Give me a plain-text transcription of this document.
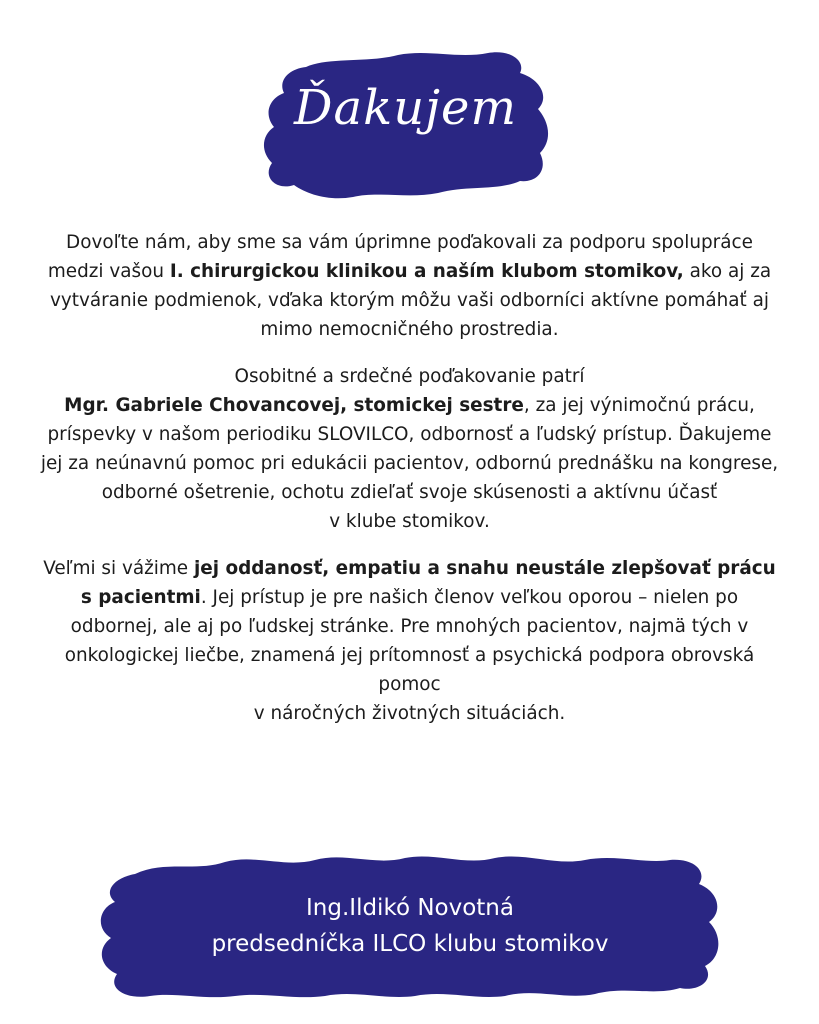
Ďakujem

Dovoľte nám, aby sme sa vám úprimne poďakovali za podporu spolupráce medzi vašou I. chirurgickou klinikou a naším klubom stomikov, ako aj za vytváranie podmienok, vďaka ktorým môžu vaši odborníci aktívne pomáhať aj mimo nemocničného prostredia.

Osobitné a srdečné poďakovanie patrí
Mgr. Gabriele Chovancovej, stomickej sestre, za jej výnimočnú prácu, príspevky v našom periodiku SLOVILCO, odbornosť a ľudský prístup. Ďakujeme jej za neúnavnú pomoc pri edukácii pacientov, odbornú prednášku na kongrese, odborné ošetrenie, ochotu zdieľať svoje skúsenosti a aktívnu účasť
v klube stomikov.

Veľmi si vážime jej oddanosť, empatiu a snahu neustále zlepšovať prácu s pacientmi. Jej prístup je pre našich členov veľkou oporou – nielen po odbornej, ale aj po ľudskej stránke. Pre mnohých pacientov, najmä tých v onkologickej liečbe, znamená jej prítomnosť a psychická podpora obrovská pomoc
v náročných životných situáciách.

Ing.Ildikó Novotná
predsedníčka ILCO klubu stomikov
